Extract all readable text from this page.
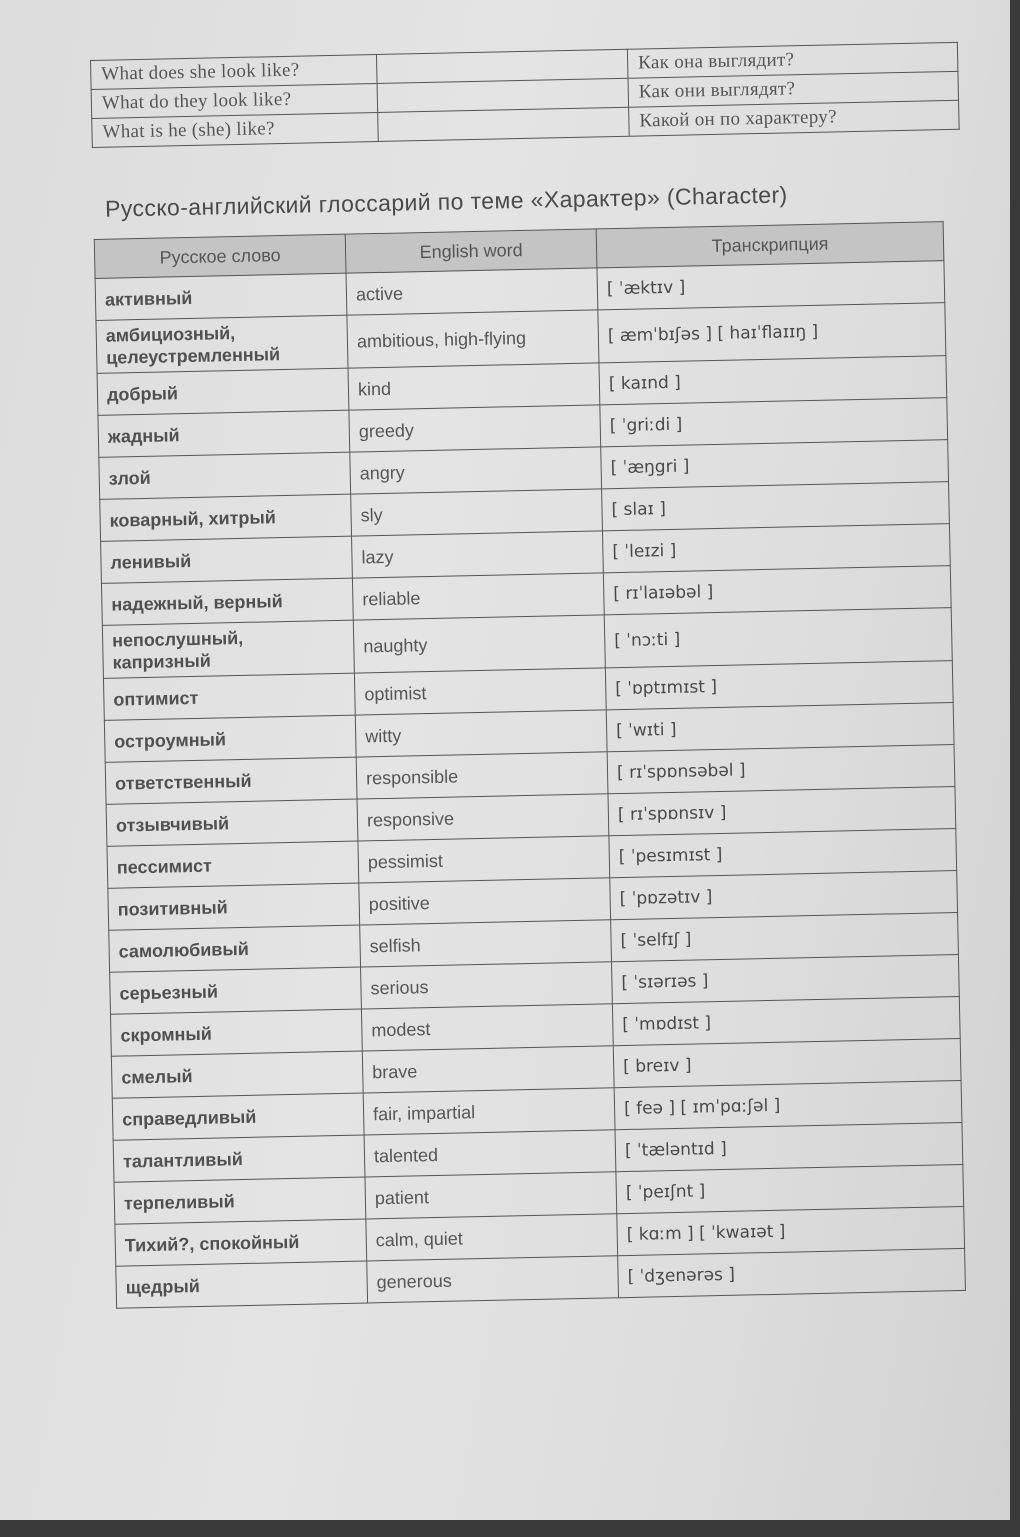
What does she look like?		Как она выглядит?
What do they look like?		Как они выглядят?
What is he (she) like?		Какой он по характеру?
Русско-английский глоссарий по теме «Характер» (Character)
Русское слово	English word	Транскрипция
активный	active	[ ˈæktɪv ]
амбициозный, целеустремленный	ambitious, high-flying	[ æmˈbɪʃəs ] [ haɪˈflaɪɪŋ ]
добрый	kind	[ kaɪnd ]
жадный	greedy	[ ˈgriːdi ]
злой	angry	[ ˈæŋgri ]
коварный, хитрый	sly	[ slaɪ ]
ленивый	lazy	[ ˈleɪzi ]
надежный, верный	reliable	[ rɪˈlaɪəbəl ]
непослушный, капризный	naughty	[ ˈnɔːti ]
оптимист	optimist	[ ˈɒptɪmɪst ]
остроумный	witty	[ ˈwɪti ]
ответственный	responsible	[ rɪˈspɒnsəbəl ]
отзывчивый	responsive	[ rɪˈspɒnsɪv ]
пессимист	pessimist	[ ˈpesɪmɪst ]
позитивный	positive	[ ˈpɒzətɪv ]
самолюбивый	selfish	[ ˈselfɪʃ ]
серьезный	serious	[ ˈsɪərɪəs ]
скромный	modest	[ ˈmɒdɪst ]
смелый	brave	[ breɪv ]
справедливый	fair, impartial	[ feə ] [ ɪmˈpɑːʃəl ]
талантливый	talented	[ ˈtæləntɪd ]
терпеливый	patient	[ ˈpeɪʃnt ]
Тихий?, спокойный	calm, quiet	[ kɑːm ] [ ˈkwaɪət ]
щедрый	generous	[ ˈdʒenərəs ]
